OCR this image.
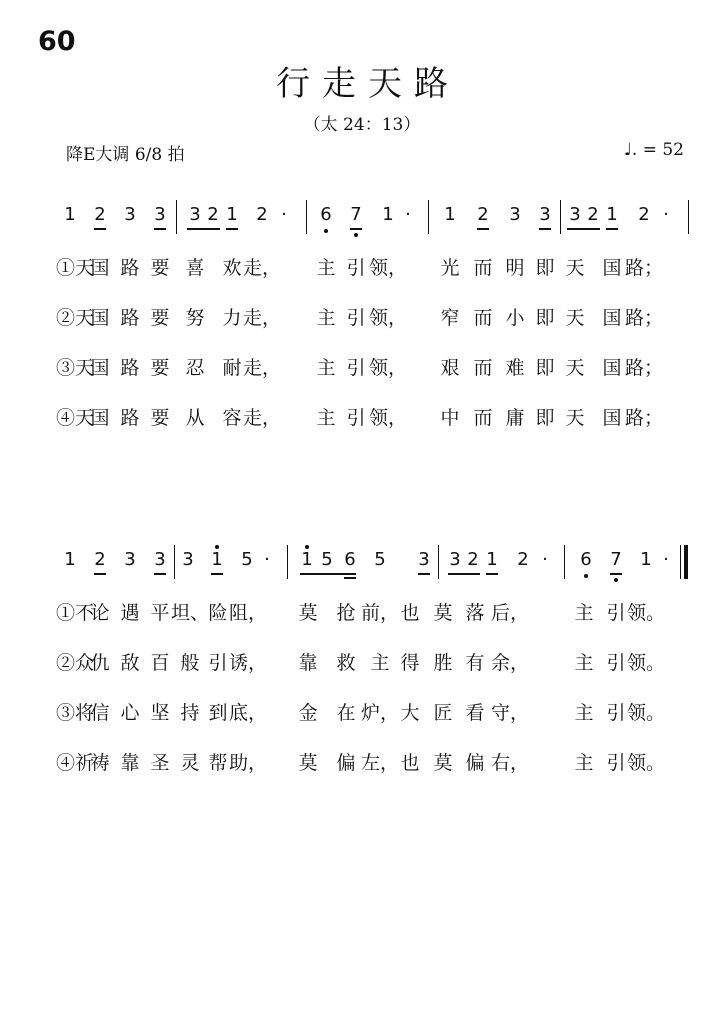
60
行走天路
（太 24：13）
降E大调 6/8 拍	♩. = 52
1 2 3 3 3 2 1 2 · 6 7 1 · 1 2 3 3 3 2 1 2 ·
①天
国 路 要 喜 欢 走， 主 引 领， 光 而 明 即 天 国 路；
②天
国 路 要 努 力 走， 主 引 领， 窄 而 小 即 天 国 路；
③天
国 路 要 忍 耐 走， 主 引 领， 艰 而 难 即 天 国 路；
④天
国 路 要 从 容 走， 主 引 领， 中 而 庸 即 天 国 路；
1 2 3 3 3 1 5 · 1 5 6 5 3 3 2 1 2 · 6 7 1 ·
①不
论 遇 平 坦、 险 阻， 莫 抢 前， 也 莫 落 后， 主 引 领。
②众
仇 敌 百 般 引 诱， 靠 救 主 得 胜 有 余， 主 引 领。
③将
信 心 坚 持 到 底， 金 在 炉， 大 匠 看 守， 主 引 领。
④祈
祷 靠 圣 灵 帮 助， 莫 偏 左， 也 莫 偏 右， 主 引 领。
